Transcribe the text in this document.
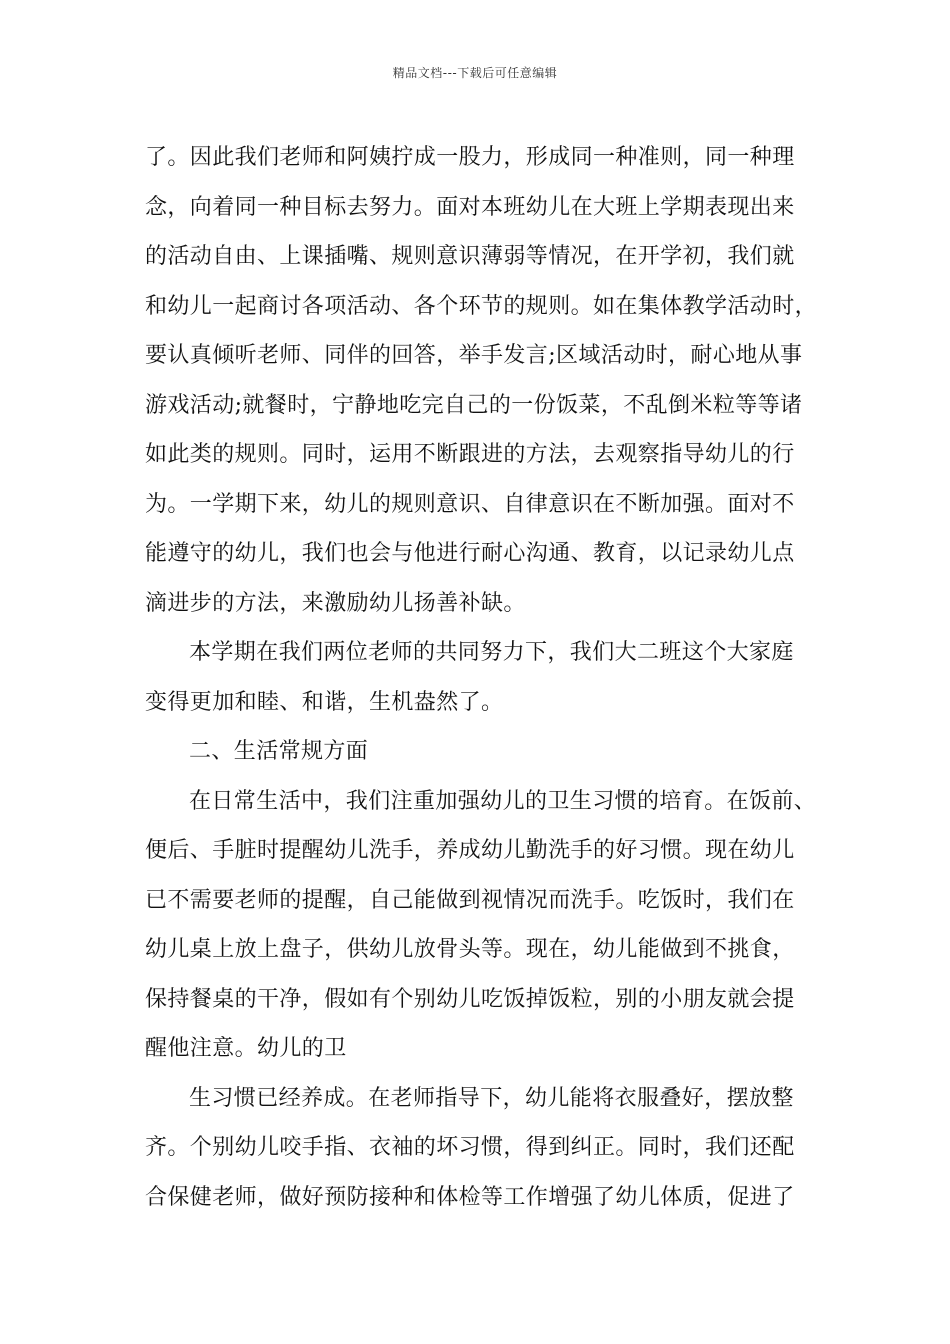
精品文档---下载后可任意编辑
了。因此我们老师和阿姨拧成一股力，形成同一种准则，同一种理
念，向着同一种目标去努力。面对本班幼儿在大班上学期表现出来
的活动自由、上课插嘴、规则意识薄弱等情况，在开学初，我们就
和幼儿一起商讨各项活动、各个环节的规则。如在集体教学活动时，
要认真倾听老师、同伴的回答，举手发言;区域活动时，耐心地从事
游戏活动;就餐时，宁静地吃完自己的一份饭菜，不乱倒米粒等等诸
如此类的规则。同时，运用不断跟进的方法，去观察指导幼儿的行
为。一学期下来，幼儿的规则意识、自律意识在不断加强。面对不
能遵守的幼儿，我们也会与他进行耐心沟通、教育，以记录幼儿点
滴进步的方法，来激励幼儿扬善补缺。
本学期在我们两位老师的共同努力下，我们大二班这个大家庭
变得更加和睦、和谐，生机盎然了。
二、生活常规方面
在日常生活中，我们注重加强幼儿的卫生习惯的培育。在饭前、
便后、手脏时提醒幼儿洗手，养成幼儿勤洗手的好习惯。现在幼儿
已不需要老师的提醒，自己能做到视情况而洗手。吃饭时，我们在
幼儿桌上放上盘子，供幼儿放骨头等。现在，幼儿能做到不挑食，
保持餐桌的干净，假如有个别幼儿吃饭掉饭粒，别的小朋友就会提
醒他注意。幼儿的卫
生习惯已经养成。在老师指导下，幼儿能将衣服叠好，摆放整
齐。个别幼儿咬手指、衣袖的坏习惯，得到纠正。同时，我们还配
合保健老师，做好预防接种和体检等工作增强了幼儿体质，促进了
